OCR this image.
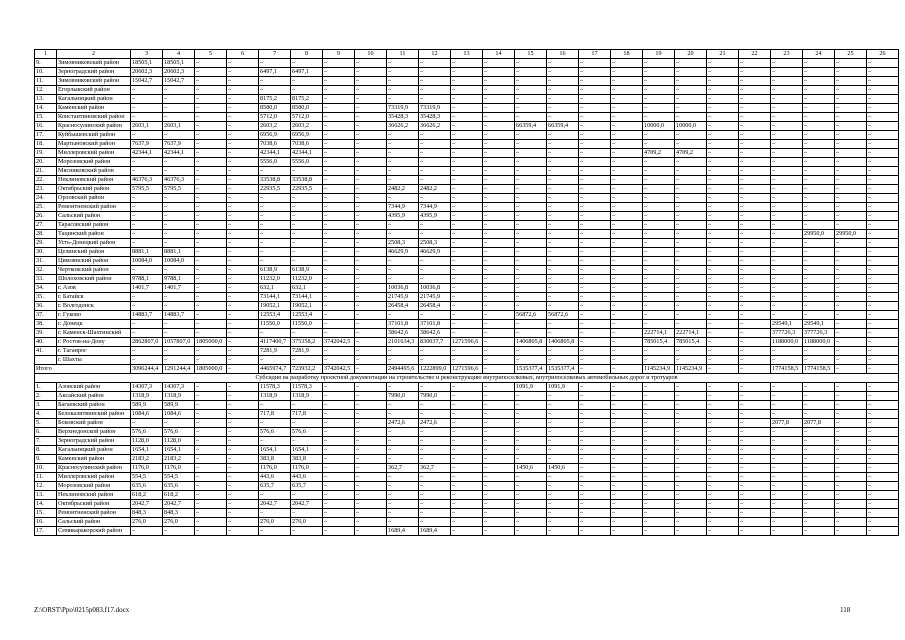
1	2	3	4	5	6	7	8	9	10	11	12	13	14	15	16	17	18	19	20	21	22	23	24	25	26
9.	Зимовниковский район	18505,1	18505,1	–	–	–	–	–	–	–	–	–	–	–	–	–	–	–	–	–	–	–	–	–	–
10.	Зерноградский район	20602,3	20602,3	–	–	6497,1	6497,1	–	–	–	–	–	–	–	–	–	–	–	–	–	–	–	–	–	–
11.	Зимовниковский район	15042,7	15042,7	–	–	–	–	–	–	–	–	–	–	–	–	–	–	–	–	–	–	–	–	–	–
12.	Егорлыкский район	–	–	–	–	–	–	–	–	–	–	–	–	–	–	–	–	–	–	–	–	–	–	–	–
13.	Кагальницкий район	–	–	–	–	8175,2	8175,2	–	–	–	–	–	–	–	–	–	–	–	–	–	–	–	–	–	–
14.	Каменский район	–	–	–	–	8580,0	8580,0	–	–	73319,9	73319,9	–	–	–	–	–	–	–	–	–	–	–	–	–	–
15.	Константиновский район	–	–	–	–	5712,0	5712,0	–	–	35428,3	35428,3	–	–	–	–	–	–	–	–	–	–	–	–	–	–
16.	Красносулинский район	2603,1	2603,1	–	–	2603,2	2603,2	–	–	36626,2	36626,2	–	–	66359,4	66359,4	–	–	10000,0	10000,0	–	–	–	–	–	–
17.	Куйбышевский район	–	–	–	–	6956,9	6956,9	–	–	–	–	–	–	–	–	–	–	–	–	–	–	–	–	–	–
18.	Мартыновский район	7637,9	7637,9	–	–	7038,6	7038,6	–	–	–	–	–	–	–	–	–	–	–	–	–	–	–	–	–	–
19.	Миллеровский район	42344,1	42344,1	–	–	42344,1	42344,1	–	–	–	–	–	–	–	–	–	–	4709,2	4709,2	–	–	–	–	–	–
20.	Морозовский район	–	–	–	–	5556,0	5556,0	–	–	–	–	–	–	–	–	–	–	–	–	–	–	–	–	–	–
21.	Мясниковский район	–	–	–	–	–	–	–	–	–	–	–	–	–	–	–	–	–	–	–	–	–	–	–	–
22.	Неклиновский район	46376,3	46376,3	–	–	33538,8	33538,8	–	–	–	–	–	–	–	–	–	–	–	–	–	–	–	–	–	–
23.	Октябрьский район	5795,5	5795,5	–	–	22935,5	22935,5	–	–	2482,2	2482,2	–	–	–	–	–	–	–	–	–	–	–	–	–	–
24.	Орловский район	–	–	–	–	–	–	–	–	–	–	–	–	–	–	–	–	–	–	–	–	–	–	–	–
25.	Ремонтненский район	–	–	–	–	–	–	–	–	7344,9	7344,9	–	–	–	–	–	–	–	–	–	–	–	–	–	–
26.	Сальский район	–	–	–	–	–	–	–	–	4395,9	4395,9	–	–	–	–	–	–	–	–	–	–	–	–	–	–
27.	Тарасовский район	–	–	–	–	–	–	–	–	–	–	–	–	–	–	–	–	–	–	–	–	–	–	–	–
28.	Тацинский район	–	–	–	–	–	–	–	–	–	–	–	–	–	–	–	–	–	–	–	–	–	29950,0	29950,0	–
29.	Усть-Донецкий район	–	–	–	–	–	–	–	–	2508,3	2508,3	–	–	–	–	–	–	–	–	–	–	–	–	–	–
30.	Целинский район	8881,1	8881,1	–	–	–	–	–	–	46629,9	46629,9	–	–	–	–	–	–	–	–	–	–	–	–	–	–
31.	Цимлянский район	10084,0	10084,0	–	–	–	–	–	–	–	–	–	–	–	–	–	–	–	–	–	–	–	–	–	–
32.	Чертковский район	–	–	–	–	6138,9	6138,9	–	–	–	–	–	–	–	–	–	–	–	–	–	–	–	–	–	–
33.	Шолоховский район	9788,1	9788,1	–	–	11232,0	11232,0	–	–	–	–	–	–	–	–	–	–	–	–	–	–	–	–	–	–
34.	г. Азов	1401,7	1401,7	–	–	632,1	632,1	–	–	10036,8	10036,8	–	–	–	–	–	–	–	–	–	–	–	–	–	–
35.	г. Батайск	–	–	–	–	73144,1	73144,1	–	–	21745,9	21745,9	–	–	–	–	–	–	–	–	–	–	–	–	–	–
36.	г. Волгодонск	–	–	–	–	19052,1	19052,1	–	–	26458,4	26458,4	–	–	–	–	–	–	–	–	–	–	–	–	–	–
37.	г. Гуково	14883,7	14883,7	–	–	12553,4	12553,4	–	–	–	–	–	–	56872,6	56872,6	–	–	–	–	–	–	–	–	–	–
38.	г. Донецк	–	–	–	–	11550,0	11550,0	–	–	37101,8	37101,8	–	–	–	–	–	–	–	–	–	–	29549,1	29549,1	–	–
39.	г. Каменск-Шахтинский	–	–	–	–	–	–	–	–	38642,6	38642,6	–	–	–	–	–	–	222714,1	222714,1	–	–	377726,3	377726,3	–	–
40.	г. Ростов-на-Дону	2862807,0	1057807,0	1805000,0	–	4117400,7	375358,2	3742042,5	–	2101634,3	830037,7	1271596,6	–	1406805,8	1406805,8	–	–	785015,4	785015,4	–	–	1188000,0	1188000,0	–	–
41.	г. Таганрог	–	–	–	–	7281,9	7281,9	–	–	–	–	–	–	–	–	–	–	–	–	–	–	–	–	–	–
	г. Шахты	–	–	–	–	–	–	–	–	–	–	–	–	–	–	–	–	–	–	–	–	–	–	–	–
Итого		3096244,4	1291244,4	1805000,0	–	4465974,7	723932,2	3742042,5	–	2494495,6	1222899,0	1271596,6	–	1535377,4	1535377,4	–	–	1145234,9	1145234,9	–	–	1774158,5	1774158,5	–	–
Субсидия на разработку проектной документации на строительство и реконструкцию внутрипоселковых, внутрипоселковых автомобильных дорог и тротуаров																									
1.	Азовский район	14307,3	14307,3	–	–	11578,3	11578,3	–	–	–	–	–	–	1091,9	1091,9	–	–	–	–	–	–	–	–	–	–
2.	Аксайский район	1318,9	1318,9	–	–	1318,9	1318,9	–	–	7990,0	7990,0	–	–	–	–	–	–	–	–	–	–	–	–	–	–
3.	Багаевский район	589,9	589,9	–	–	–	–	–	–	–	–	–	–	–	–	–	–	–	–	–	–	–	–	–	–
4.	Белокалитвинский район	1084,6	1084,6	–	–	717,8	717,8	–	–	–	–	–	–	–	–	–	–	–	–	–	–	–	–	–	–
5.	Боковский район	–	–	–	–	–	–	–	–	2472,6	2472,6	–	–	–	–	–	–	–	–	–	–	2077,8	2077,8	–	–
6.	Верхнедонской район	576,6	576,6	–	–	576,6	576,6	–	–	–	–	–	–	–	–	–	–	–	–	–	–	–	–	–	–
7.	Зерноградский район	1128,0	1128,0	–	–	–	–	–	–	–	–	–	–	–	–	–	–	–	–	–	–	–	–	–	–
8.	Кагальницкий район	1654,1	1654,1	–	–	1654,1	1654,1	–	–	–	–	–	–	–	–	–	–	–	–	–	–	–	–	–	–
9.	Каменский район	2183,2	2183,2	–	–	383,8	383,8	–	–	–	–	–	–	–	–	–	–	–	–	–	–	–	–	–	–
10.	Красносулинский район	1176,0	1176,0	–	–	1176,0	1176,0	–	–	362,7	362,7	–	–	1450,6	1450,6	–	–	–	–	–	–	–	–	–	–
11.	Миллеровский район	554,5	554,5	–	–	443,6	443,6	–	–	–	–	–	–	–	–	–	–	–	–	–	–	–	–	–	–
12.	Морозовский район	635,6	635,6	–	–	635,7	635,7	–	–	–	–	–	–	–	–	–	–	–	–	–	–	–	–	–	–
13.	Неклиновский район	618,2	618,2	–	–	–	–	–	–	–	–	–	–	–	–	–	–	–	–	–	–	–	–	–	–
14.	Октябрьский район	2042,7	2042,7	–	–	2042,7	2042,7	–	–	–	–	–	–	–	–	–	–	–	–	–	–	–	–	–	–
15.	Ремонтненский район	848,3	848,3	–	–	–	–	–	–	–	–	–	–	–	–	–	–	–	–	–	–	–	–	–	–
16.	Сальский район	276,0	276,0	–	–	276,0	276,0	–	–	–	–	–	–	–	–	–	–	–	–	–	–	–	–	–	–
17.	Семикаракорский район	–	–	–	–	–	–	–	–	1689,4	1689,4	–	–	–	–	–	–	–	–	–	–	–	–	–	–
Z:\ORST\Ppo\0215p083.f17.docx	118
